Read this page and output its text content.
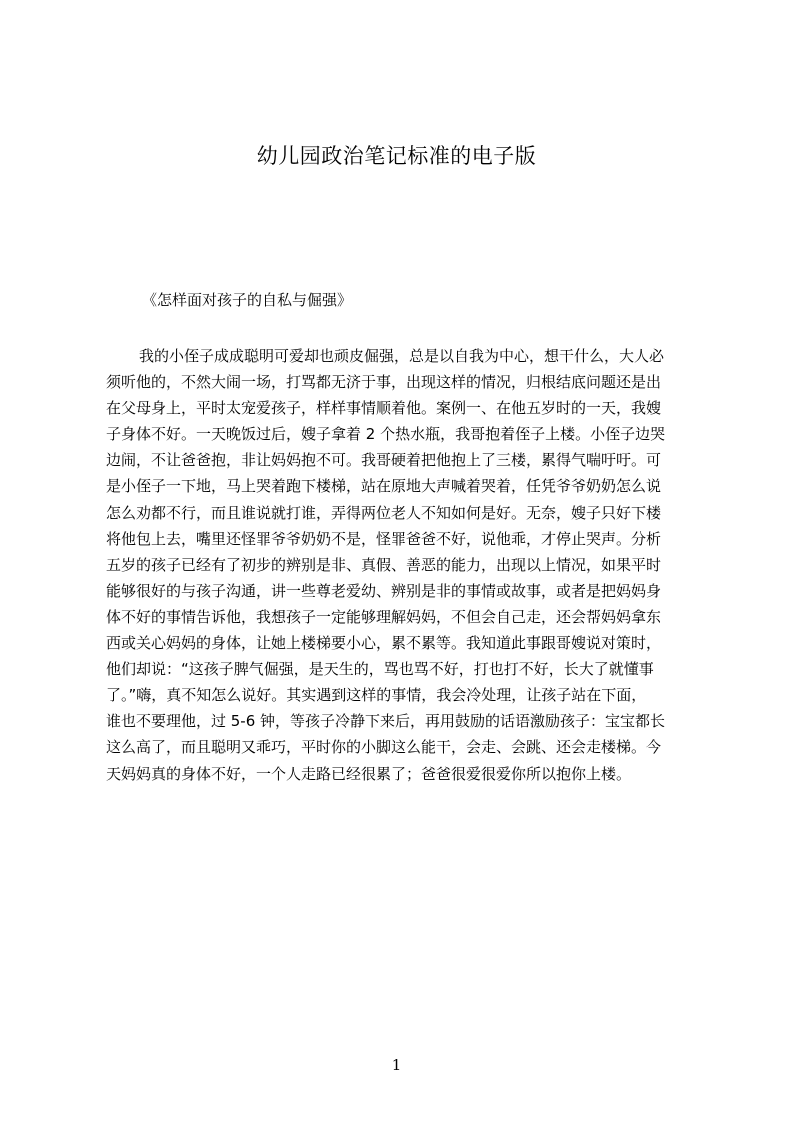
幼儿园政治笔记标准的电子版
《怎样面对孩子的自私与倔强》
我的小侄子成成聪明可爱却也顽皮倔强，总是以自我为中心，想干什么，大人必
须听他的，不然大闹一场，打骂都无济于事，出现这样的情况，归根结底问题还是出
在父母身上，平时太宠爱孩子，样样事情顺着他。案例一、在他五岁时的一天，我嫂
子身体不好。一天晚饭过后，嫂子拿着 2 个热水瓶，我哥抱着侄子上楼。小侄子边哭
边闹，不让爸爸抱，非让妈妈抱不可。我哥硬着把他抱上了三楼，累得气喘吁吁。可
是小侄子一下地，马上哭着跑下楼梯，站在原地大声喊着哭着，任凭爷爷奶奶怎么说
怎么劝都不行，而且谁说就打谁，弄得两位老人不知如何是好。无奈，嫂子只好下楼
将他包上去，嘴里还怪罪爷爷奶奶不是，怪罪爸爸不好，说他乖，才停止哭声。分析
五岁的孩子已经有了初步的辨别是非、真假、善恶的能力，出现以上情况，如果平时
能够很好的与孩子沟通，讲一些尊老爱幼、辨别是非的事情或故事，或者是把妈妈身
体不好的事情告诉他，我想孩子一定能够理解妈妈，不但会自己走，还会帮妈妈拿东
西或关心妈妈的身体，让她上楼梯要小心，累不累等。我知道此事跟哥嫂说对策时，
他们却说：“这孩子脾气倔强，是天生的，骂也骂不好，打也打不好，长大了就懂事
了。”嗨，真不知怎么说好。其实遇到这样的事情，我会冷处理，让孩子站在下面，
谁也不要理他，过 5-6 钟，等孩子冷静下来后，再用鼓励的话语激励孩子：宝宝都长
这么高了，而且聪明又乖巧，平时你的小脚这么能干，会走、会跳、还会走楼梯。今
天妈妈真的身体不好，一个人走路已经很累了；爸爸很爱很爱你所以抱你上楼。
1
